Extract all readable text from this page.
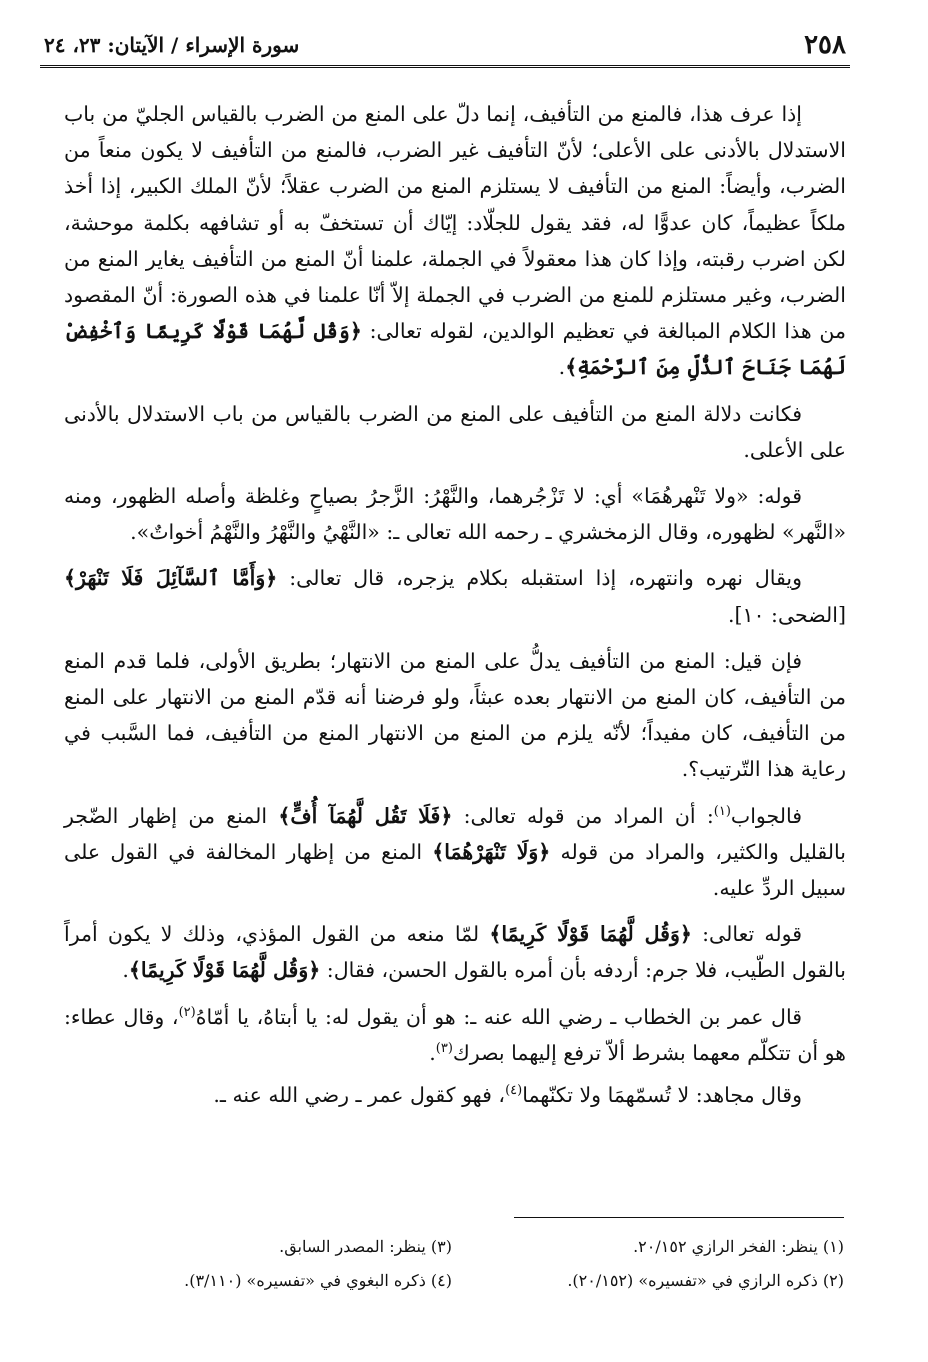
٢٥٨
سورة الإسراء / الآيتان: ٢٣، ٢٤

إذا عرف هذا، فالمنع من التأفيف، إنما دلّ على المنع من الضرب بالقياس الجليّ من باب الاستدلال بالأدنى على الأعلى؛ لأنّ التأفيف غير الضرب، فالمنع من التأفيف لا يكون منعاً من الضرب، وأيضاً: المنع من التأفيف لا يستلزم المنع من الضرب عقلاً؛ لأنّ الملك الكبير، إذا أخذ ملكاً عظيماً، كان عدوًّا له، فقد يقول للجلّاد: إيّاك أن تستخفّ به أو تشافهه بكلمة موحشة، لكن اضرب رقبته، وإذا كان هذا معقولاً في الجملة، علمنا أنّ المنع من التأفيف يغاير المنع من الضرب، وغير مستلزم للمنع من الضرب في الجملة إلاّ أنّا علمنا في هذه الصورة: أنّ المقصود من هذا الكلام المبالغة في تعظيم الوالدين، لقوله تعالى: ﴿وَقُل لَّهُمَا قَوْلًا كَرِيمًا وَٱخْفِضْ لَهُمَا جَنَاحَ ٱلذُّلِّ مِنَ ٱلرَّحْمَةِ﴾.

فكانت دلالة المنع من التأفيف على المنع من الضرب بالقياس من باب الاستدلال بالأدنى على الأعلى.

قوله: «ولا تَنْهرهُمَا» أي: لا تَزْجُرهما، والنَّهْرُ: الزَّجرُ بصياحٍ وغلظة وأصله الظهور، ومنه «النَّهر» لظهوره، وقال الزمخشري ـ رحمه الله تعالى ـ: «النَّهْيُ والنَّهْرُ والنَّهْمُ أخواتٌ».

ويقال نهره وانتهره، إذا استقبله بكلام يزجره، قال تعالى: ﴿وَأَمَّا ٱلسَّآئِلَ فَلَا تَنْهَرْ﴾ [الضحى: ١٠].

فإن قيل: المنع من التأفيف يدلُّ على المنع من الانتهار؛ بطريق الأولى، فلما قدم المنع من التأفيف، كان المنع من الانتهار بعده عبثاً، ولو فرضنا أنه قدّم المنع من الانتهار على المنع من التأفيف، كان مفيداً؛ لأنّه يلزم من المنع من الانتهار المنع من التأفيف، فما السَّبب في رعاية هذا التّرتيب؟.

فالجواب$^{(١)}$: أن المراد من قوله تعالى: ﴿فَلَا تَقُل لَّهُمَآ أُفٍّ﴾ المنع من إظهار الضّجر بالقليل والكثير، والمراد من قوله ﴿وَلَا تَنْهَرْهُمَا﴾ المنع من إظهار المخالفة في القول على سبيل الردِّ عليه.

قوله تعالى: ﴿وَقُل لَّهُمَا قَوْلًا كَرِيمًا﴾ لمّا منعه من القول المؤذي، وذلك لا يكون أمراً بالقول الطّيب، فلا جرم: أردفه بأن أمره بالقول الحسن، فقال: ﴿وَقُل لَّهُمَا قَوْلًا كَرِيمًا﴾.

قال عمر بن الخطاب ـ رضي الله عنه ـ: هو أن يقول له: يا أبتاهُ، يا أمّاهُ$^{(٢)}$، وقال عطاء: هو أن تتكلّم معهما بشرط ألاّ ترفع إليهما بصرك$^{(٣)}$.

وقال مجاهد: لا تُسمّهمَا ولا تكنّهما$^{(٤)}$، فهو كقول عمر ـ رضي الله عنه ـ.

(١) ينظر: الفخر الرازي ٢٠/١٥٢.
(٣) ينظر: المصدر السابق.
(٢) ذكره الرازي في «تفسيره» (٢٠/١٥٢).
(٤) ذكره البغوي في «تفسيره» (٣/١١٠).
